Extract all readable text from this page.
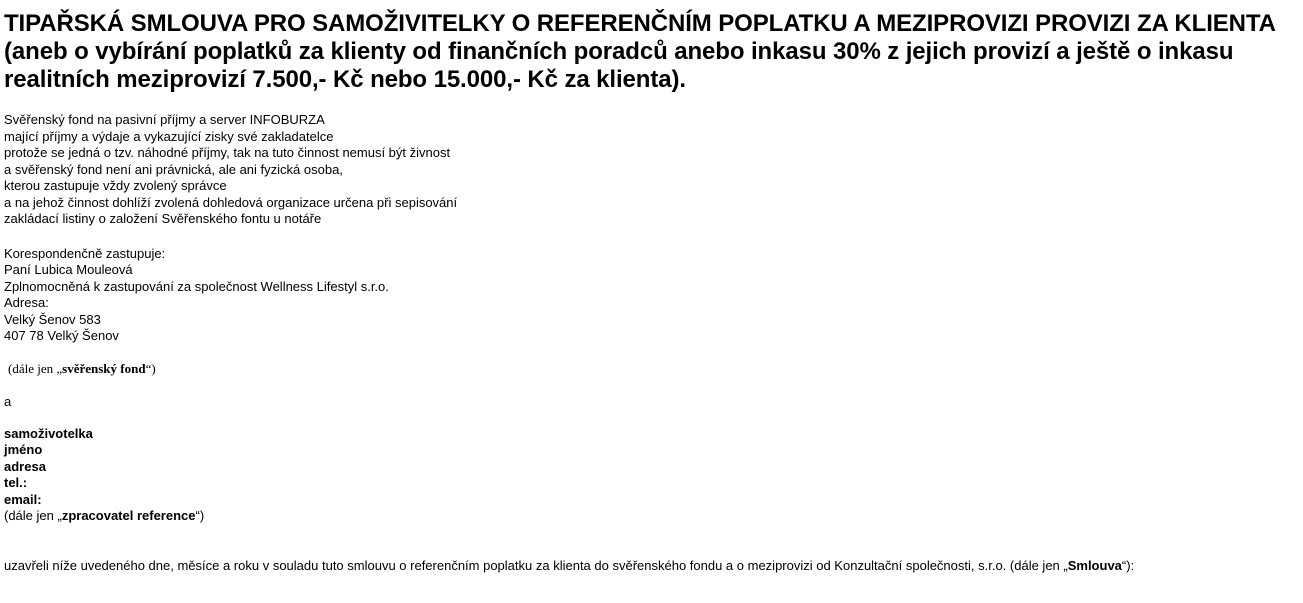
TIPAŘSKÁ SMLOUVA PRO SAMOŽIVITELKY O REFERENČNÍM POPLATKU A MEZIPROVIZI PROVIZI ZA KLIENTA
(aneb o vybírání poplatků za klienty od finančních poradců anebo inkasu 30% z jejich provizí a ještě o inkasu realitních meziprovizí 7.500,- Kč nebo 15.000,- Kč za klienta).
Svěřenský fond na pasivní příjmy a server INFOBURZA
mající příjmy a výdaje a vykazující zisky své zakladatelce
protože se jedná o tzv. náhodné příjmy, tak na tuto činnost nemusí být živnost
a svěřenský fond není ani právnická, ale ani fyzická osoba,
kterou zastupuje vždy zvolený správce
a na jehož činnost dohlíží zvolená dohledová organizace určena při sepisování
zakládací listiny o založení Svěřenského fontu u notáře
Korespondenčně zastupuje:
Paní Lubica Mouleová
Zplnomocněná k zastupování za společnost Wellness Lifestyl s.r.o.
Adresa:
Velký Šenov 583
407 78 Velký Šenov
(dále jen „svěřenský fond“)
a
samoživotelka
jméno
adresa
tel.:
email:
(dále jen „zpracovatel reference“)
uzavřeli níže uvedeného dne, měsíce a roku v souladu tuto smlouvu o referenčním poplatku za klienta do svěřenského fondu a o meziprovizi od Konzultační společnosti, s.r.o. (dále jen „Smlouva“):
